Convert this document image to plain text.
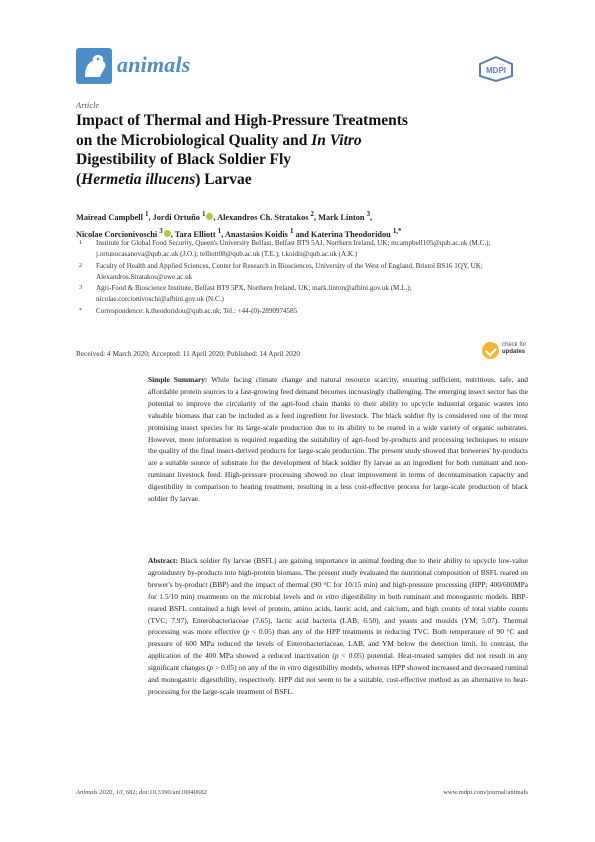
animals	MDPI
Article
Impact of Thermal and High-Pressure Treatments
on the Microbiological Quality and In Vitro
Digestibility of Black Soldier Fly
(Hermetia illucens) Larvae

Mairead Campbell $^1$, Jordi Ortuño $^1$ , Alexandros Ch. Stratakos $^2$, Mark Linton $^3$,
Nicolae Corcionivoschi $^3$ , Tara Elliott $^1$, Anastasios Koidis $^1$ and Katerina Theodoridou $^{1,*}$

1 Institute for Global Food Security, Queen's University Belfast, Belfast BT9 5AJ, Northern Ireland, UK; mcampbell105@qub.ac.uk (M.C.); j.ortunocasanova@qub.ac.uk (J.O.); telliott08@qub.ac.uk (T.E.); t.koidis@qub.ac.uk (A.K.)
2 Faculty of Health and Applied Sciences, Center for Research in Biosciences, University of the West of England, Bristol BS16 1QY, UK; Alexandros.Stratakos@uwe.ac.uk
3 Agri-Food & Bioscience Institute, Belfast BT9 5PX, Northern Ireland, UK; mark.linton@afbini.gov.uk (M.L.); nicolae.corcionivoschi@afbini.gov.uk (N.C.)
* Correspondence: k.theodoridou@qub.ac.uk; Tel.: +44-(0)-2890974585
Received: 4 March 2020; Accepted: 11 April 2020; Published: 14 April 2020
check for
updates

Simple Summary: While facing climate change and natural resource scarcity, ensuring sufficient, nutritious, safe, and affordable protein sources to a fast-growing feed demand becomes increasingly challenging. The emerging insect sector has the potential to improve the circularity of the agri-food chain thanks to their ability to upcycle industrial organic wastes into valuable biomass that can be included as a feed ingredient for livestock. The black soldier fly is considered one of the most promising insect species for its large-scale production due to its ability to be reared in a wide variety of organic substrates. However, more information is required regarding the suitability of agri-food by-products and processing techniques to ensure the quality of the final insect-derived products for large-scale production. The present study showed that breweries' by-products are a suitable source of substrate for the development of black soldier fly larvae as an ingredient for both ruminant and non-ruminant livestock feed. High-pressure processing showed no clear improvement in terms of decontamination capacity and digestibility in comparison to heating treatment, resulting in a less cost-effective process for large-scale production of black soldier fly larvae.

Abstract: Black soldier fly larvae (BSFL) are gaining importance in animal feeding due to their ability to upcycle low-value agroindustry by-products into high-protein biomass. The present study evaluated the nutritional composition of BSFL reared on brewer's by-product (BBP) and the impact of thermal (90 °C for 10/15 min) and high-pressure processing (HPP; 400/600MPa for 1.5/10 min) treatments on the microbial levels and in vitro digestibility in both ruminant and monogastric models. BBP-reared BSFL contained a high level of protein, amino acids, lauric acid, and calcium, and high counts of total viable counts (TVC; 7.97), Enterobacteriaceae (7.65), lactic acid bacteria (LAB; 6.50), and yeasts and moulds (YM; 5.07). Thermal processing was more effective (p < 0.05) than any of the HPP treatments in reducing TVC. Both temperature of 90 °C and pressure of 600 MPa reduced the levels of Enterobacteriaceae, LAB, and YM below the detection limit. In contrast, the application of the 400 MPa showed a reduced inactivation (p < 0.05) potential. Heat-treated samples did not result in any significant changes (p > 0.05) on any of the in vitro digestibility models, whereas HPP showed increased and decreased ruminal and monogastric digestibility, respectively. HPP did not seem to be a suitable, cost-effective method as an alternative to heat-processing for the large-scale treatment of BSFL.

Animals 2020, 10, 682; doi:10.3390/ani10040682	www.mdpi.com/journal/animals
